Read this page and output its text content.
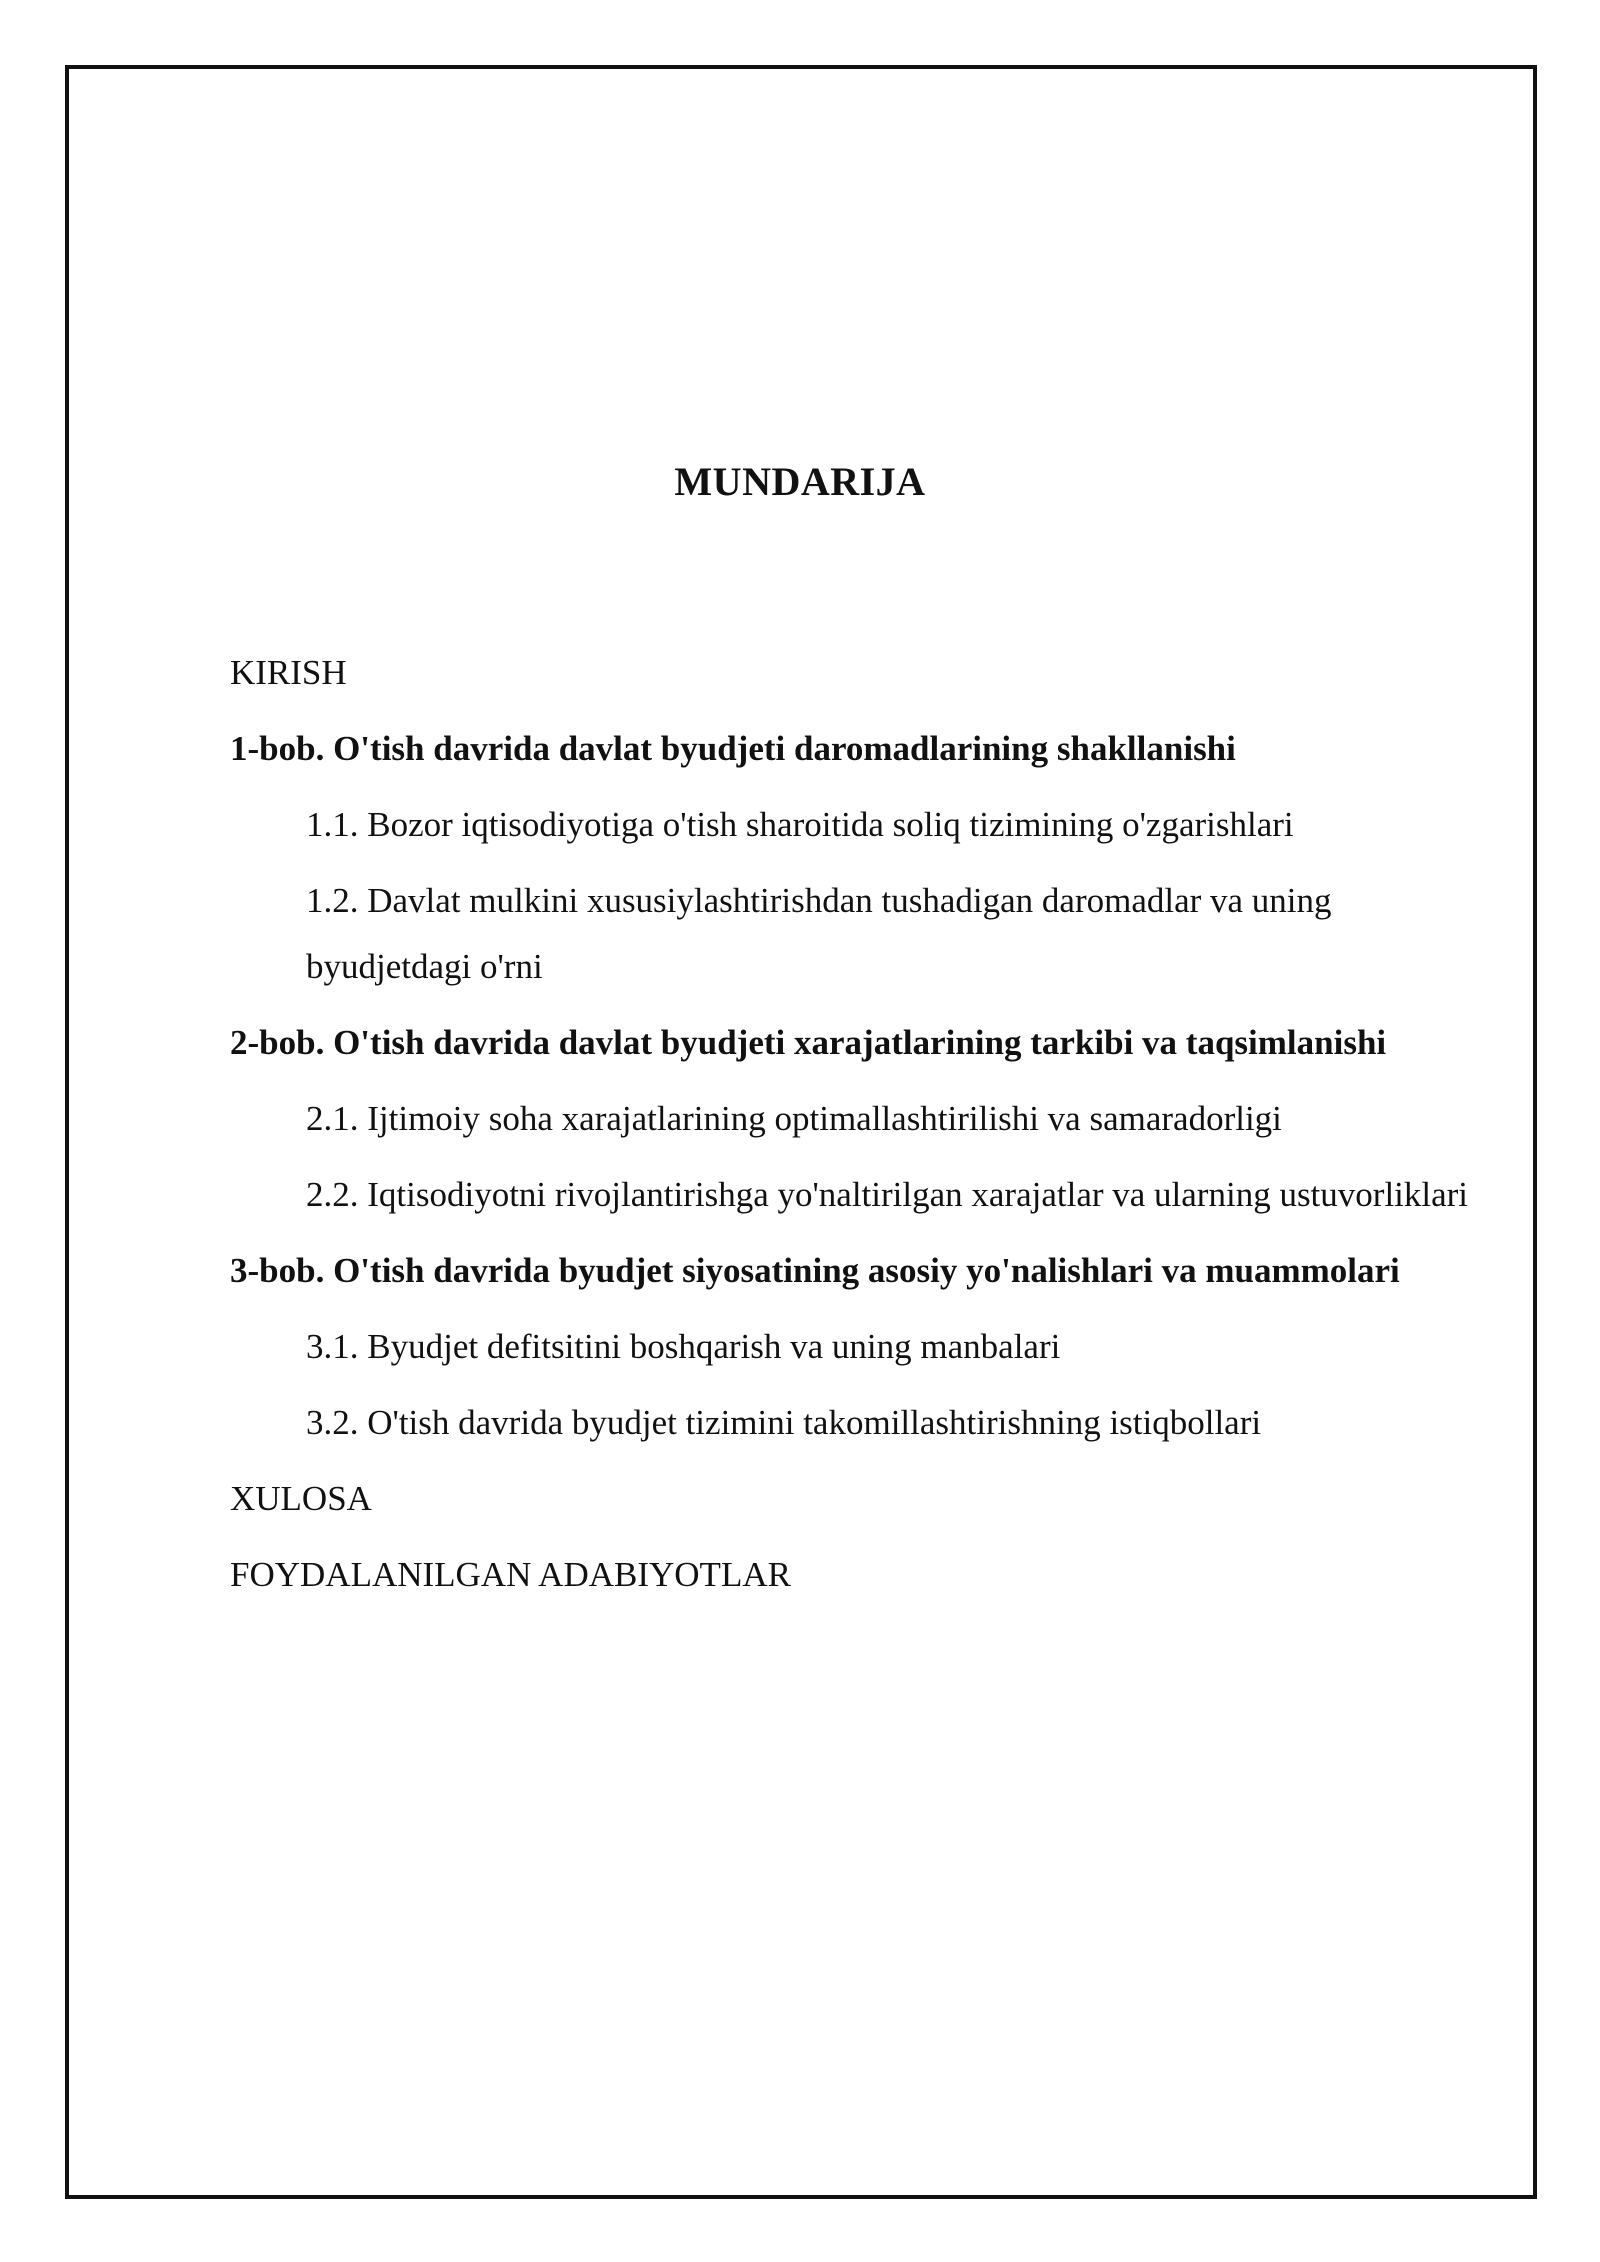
MUNDARIJA
KIRISH
1-bob. O'tish davrida davlat byudjeti daromadlarining shakllanishi
1.1. Bozor iqtisodiyotiga o'tish sharoitida soliq tizimining o'zgarishlari
1.2. Davlat mulkini xususiylashtirishdan tushadigan daromadlar va uning byudjetdagi o'rni
2-bob. O'tish davrida davlat byudjeti xarajatlarining tarkibi va taqsimlanishi
2.1. Ijtimoiy soha xarajatlarining optimallashtirilishi va samaradorligi
2.2. Iqtisodiyotni rivojlantirishga yo'naltirilgan xarajatlar va ularning ustuvorliklari
3-bob. O'tish davrida byudjet siyosatining asosiy yo'nalishlari va muammolari
3.1. Byudjet defitsitini boshqarish va uning manbalari
3.2. O'tish davrida byudjet tizimini takomillashtirishning istiqbollari
XULOSA
FOYDALANILGAN ADABIYOTLAR
